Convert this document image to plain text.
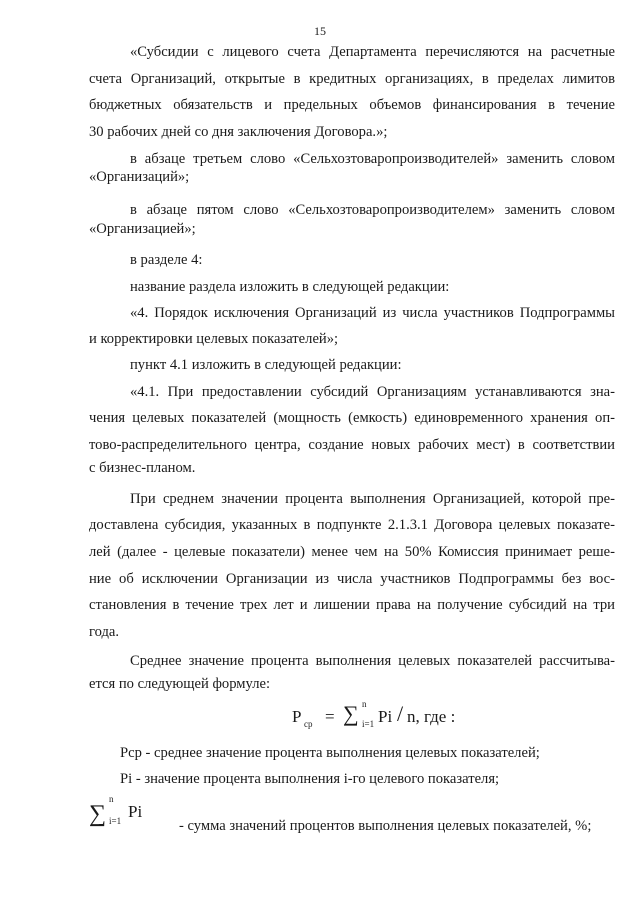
15
«Субсидии с лицевого счета Департамента перечисляются на расчетные
счета Организаций, открытые в кредитных организациях, в пределах лимитов
бюджетных обязательств и предельных объемов финансирования в течение
30 рабочих дней со дня заключения Договора.»;
в абзаце третьем слово «Сельхозтоваропроизводителей» заменить словом
«Организаций»;
в абзаце пятом слово «Сельхозтоваропроизводителем» заменить словом
«Организацией»;
в разделе 4:
название раздела изложить в следующей редакции:
«4. Порядок исключения Организаций из числа участников Подпрограммы
и корректировки целевых показателей»;
пункт 4.1 изложить в следующей редакции:
«4.1. При предоставлении субсидий Организациям устанавливаются зна-
чения целевых показателей (мощность (емкость) единовременного хранения оп-
тово-распределительного центра, создание новых рабочих мест) в соответствии
с бизнес-планом.
При среднем значении процента выполнения Организацией, которой пре-
доставлена субсидия, указанных в подпункте 2.1.3.1 Договора целевых показате-
лей (далее - целевые показатели) менее чем на 50% Комиссия принимает реше-
ние об исключении Организации из числа участников Подпрограммы без вос-
становления в течение трех лет и лишении права на получение субсидий на три
года.
Среднее значение процента выполнения целевых показателей рассчитыва-
ется по следующей формуле:
P ср = ∑ n
i=1 Pi / n, где :
Рср - среднее значение процента выполнения целевых показателей;
Pi - значение процента выполнения i-го целевого показателя;
∑
n
i=1 Pi
- сумма значений процентов выполнения целевых показателей, %;
